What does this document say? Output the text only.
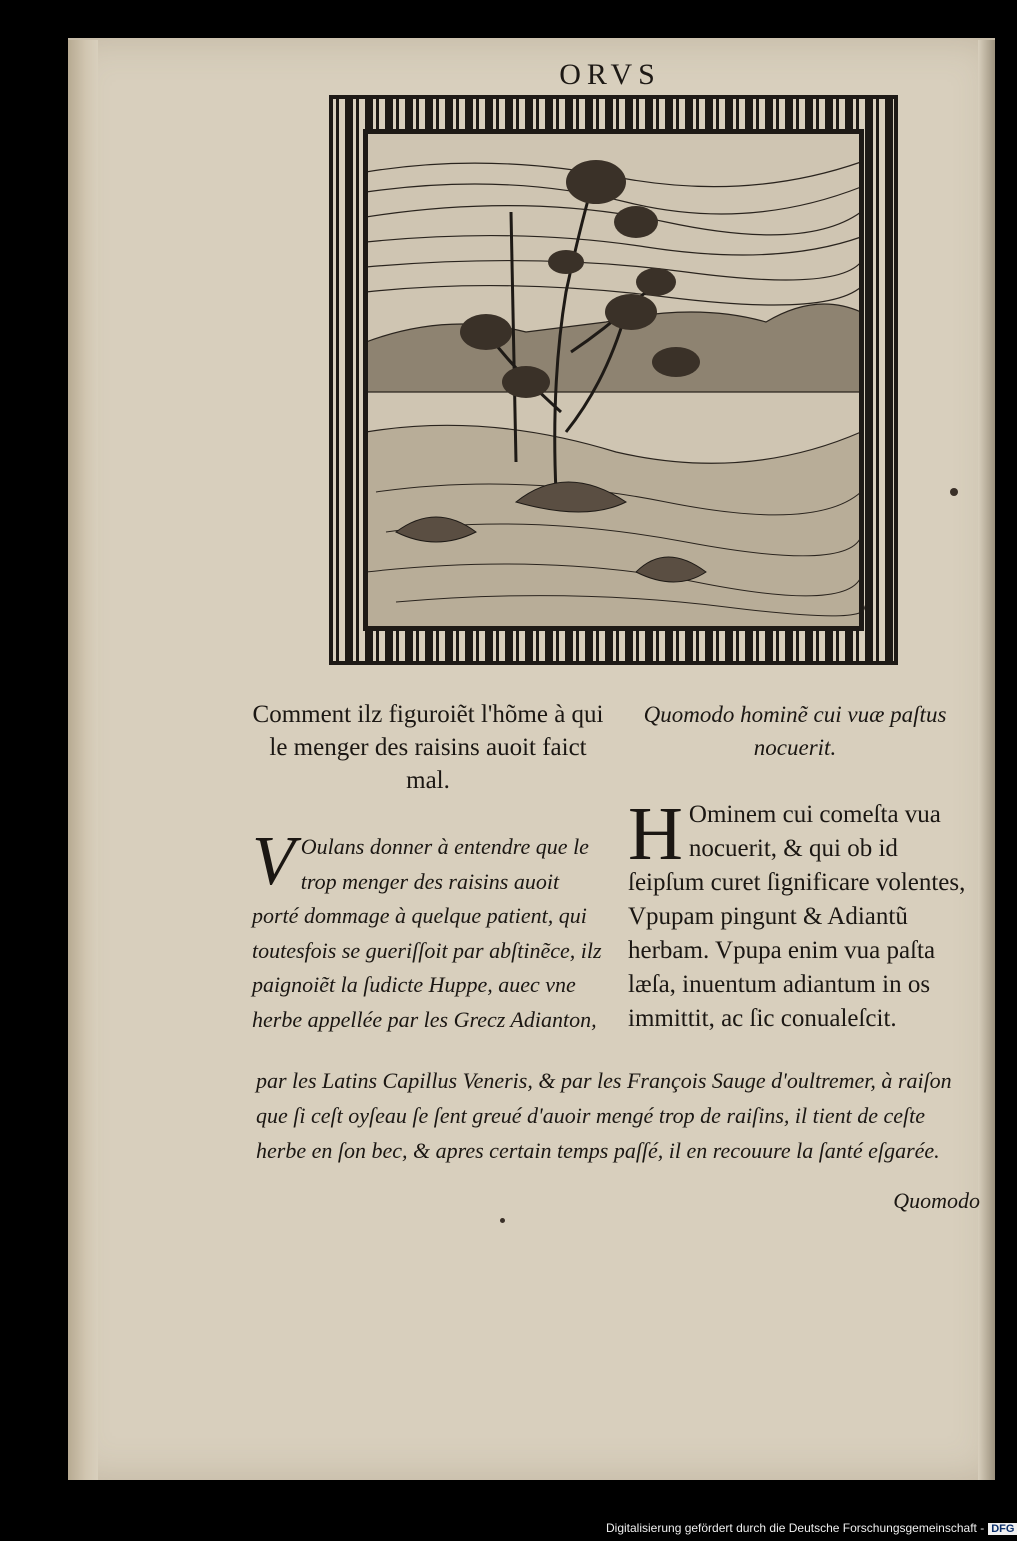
ORVS
Comment ilz figuroiẽt l'hõme à qui le menger des raisins auoit faict mal.
Quomodo hominẽ cui vuæ paſtus nocuerit.
V Oulans donner à entendre que le trop menger des raisins auoit porté dommage à quelque patient, qui toutesfois se gueriſſoit par abſtinẽce, ilz paignoiẽt la ſudicte Huppe, auec vne herbe appellée par les Grecz Adianton,
H Ominem cui comeſta vua nocuerit, & qui ob id ſeipſum curet ſignificare volentes, Vpupam pingunt & Adiantũ herbam. Vpupa enim vua paſta læſa, inuentum adiantum in os immittit, ac ſic conualeſcit.
par les Latins Capillus Veneris, & par les François Sauge d'oultremer, à raiſon que ſi ceſt oyſeau ſe ſent greué d'auoir mengé trop de raiſins, il tient de ceſte herbe en ſon bec, & apres certain temps paſſé, il en recouure la ſanté eſgarée.
Quomodo
Digitalisierung gefördert durch die Deutsche Forschungsgemeinschaft - DFG
